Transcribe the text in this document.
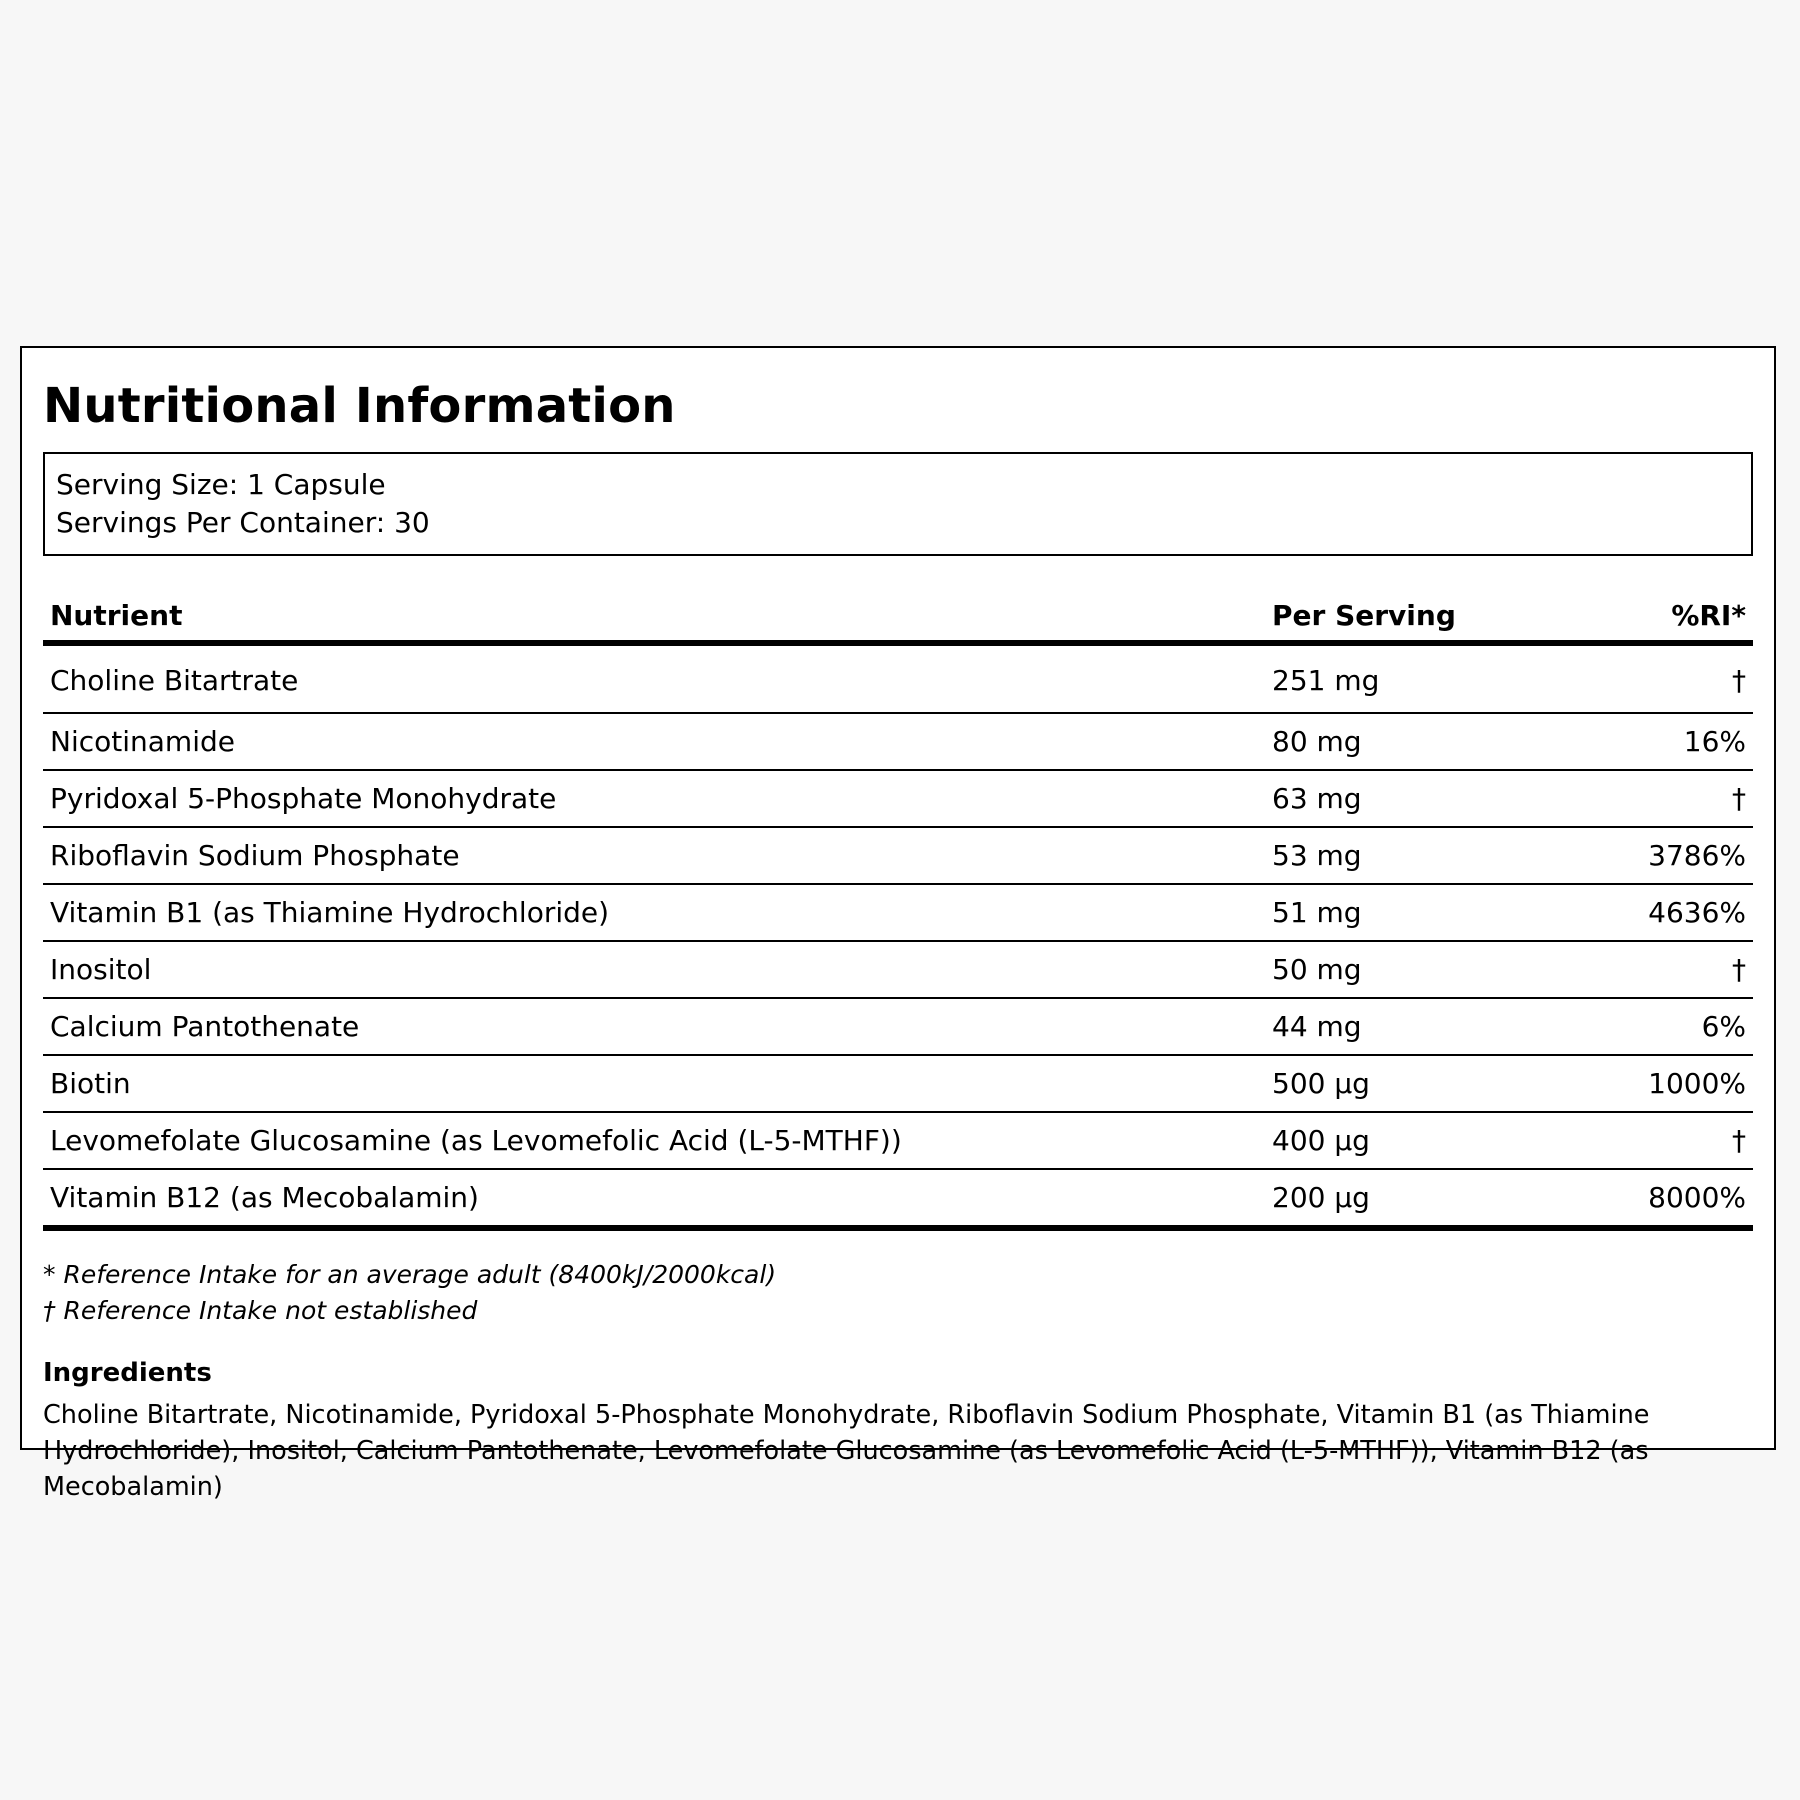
Nutritional Information
Serving Size: 1 Capsule
Servings Per Container: 30
Nutrient	Per Serving	%RI*
Choline Bitartrate	251 mg	†
Nicotinamide	80 mg	16%
Pyridoxal 5-Phosphate Monohydrate	63 mg	†
Riboflavin Sodium Phosphate	53 mg	3786%
Vitamin B1 (as Thiamine Hydrochloride)	51 mg	4636%
Inositol	50 mg	†
Calcium Pantothenate	44 mg	6%
Biotin	500 µg	1000%
Levomefolate Glucosamine (as Levomefolic Acid (L-5-MTHF))	400 µg	†
Vitamin B12 (as Mecobalamin)	200 µg	8000%
* Reference Intake for an average adult (8400kJ/2000kcal)
† Reference Intake not established
Ingredients
Choline Bitartrate, Nicotinamide, Pyridoxal 5-Phosphate Monohydrate, Riboflavin Sodium Phosphate, Vitamin B1 (as Thiamine Hydrochloride), Inositol, Calcium Pantothenate, Levomefolate Glucosamine (as Levomefolic Acid (L-5-MTHF)), Vitamin B12 (as Mecobalamin)
